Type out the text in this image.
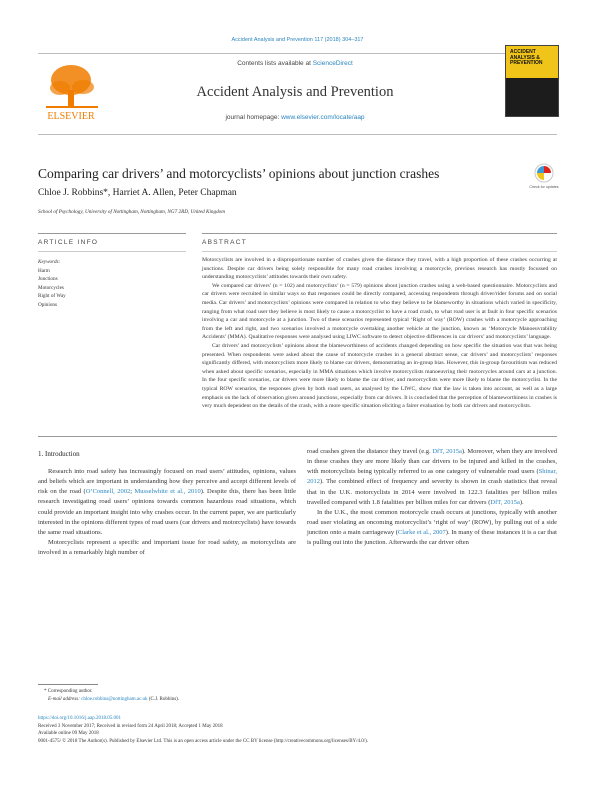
Accident Analysis and Prevention 117 (2018) 304–317
ELSEVIER
Contents lists available at ScienceDirect
Accident Analysis and Prevention
journal homepage: www.elsevier.com/locate/aap
ACCIDENT ANALYSIS & PREVENTION
Comparing car drivers’ and motorcyclists’ opinions about junction crashes
Check for updates
Chloe J. Robbins*, Harriet A. Allen, Peter Chapman
School of Psychology, University of Nottingham, Nottingham, NG7 2RD, United Kingdom
ARTICLE INFO	ABSTRACT
Keywords:
Harm
Junctions
Motorcycles
Right of Way
Opinions

Motorcyclists are involved in a disproportionate number of crashes given the distance they travel, with a high proportion of these crashes occurring at junctions. Despite car drivers being solely responsible for many road crashes involving a motorcycle, previous research has mostly focussed on understanding motorcyclists’ attitudes towards their own safety.

We compared car drivers’ (n = 102) and motorcyclists’ (n = 579) opinions about junction crashes using a web-based questionnaire. Motorcyclists and car drivers were recruited in similar ways so that responses could be directly compared, accessing respondents through driver/rider forums and on social media. Car drivers’ and motorcyclists’ opinions were compared in relation to who they believe to be blameworthy in situations which varied in specificity, ranging from what road user they believe is most likely to cause a motorcyclist to have a road crash, to what road user is at fault in four specific scenarios involving a car and motorcycle at a junction. Two of these scenarios represented typical ‘Right of way’ (ROW) crashes with a motorcycle approaching from the left and right, and two scenarios involved a motorcycle overtaking another vehicle at the junction, known as ‘Motorcycle Manoeuvrability Accidents’ (MMA). Qualitative responses were analysed using LIWC software to detect objective differences in car drivers’ and motorcyclists’ language.

Car drivers’ and motorcyclists’ opinions about the blameworthiness of accidents changed depending on how specific the situation was that was being presented. When respondents were asked about the cause of motorcycle crashes in a general abstract sense, car drivers’ and motorcyclists’ responses significantly differed, with motorcyclists more likely to blame car drivers, demonstrating an in-group bias. However, this in-group favouritism was reduced when asked about specific scenarios, especially in MMA situations which involve motorcyclists manoeuvring their motorcycles around cars at a junction. In the four specific scenarios, car drivers were more likely to blame the car driver, and motorcyclists were more likely to blame the motorcyclist. In the typical ROW scenarios, the responses given by both road users, as analysed by the LIWC, show that the law is taken into account, as well as a large emphasis on the lack of observation given around junctions, especially from car drivers. It is concluded that the perception of blameworthiness in crashes is very much dependent on the details of the crash, with a more specific situation eliciting a fairer evaluation by both car drivers and motorcyclists.

1. Introduction

Research into road safety has increasingly focused on road users’ attitudes, opinions, values and beliefs which are important in understanding how they perceive and accept different levels of risk on the road (O’Connell, 2002; Musselwhite et al., 2010). Despite this, there has been little research investigating road users’ opinions towards common hazardous road situations, which could provide an important insight into why crashes occur. In the current paper, we are particularly interested in the opinions different types of road users (car drivers and motorcyclists) have towards the same road situations.

Motorcyclists represent a specific and important issue for road safety, as motorcyclists are involved in a remarkably high number of

road crashes given the distance they travel (e.g. DfT, 2015a). Moreover, when they are involved in these crashes they are more likely than car drivers to be injured and killed in the crashes, with motorcyclists being typically referred to as one category of vulnerable road users (Shinar, 2012). The combined effect of frequency and severity is shown in crash statistics that reveal that in the U.K. motorcyclists in 2014 were involved in 122.3 fatalities per billion miles travelled compared with 1.8 fatalities per billion miles for car drivers (DfT, 2015a).

In the U.K., the most common motorcycle crash occurs at junctions, typically with another road user violating an oncoming motorcyclist’s ‘right of way’ (ROW), by pulling out of a side junction onto a main carriageway (Clarke et al., 2007). In many of these instances it is a car that is pulling out into the junction. Afterwards the car driver often

* Corresponding author.
E-mail address: chloe.robbins@nottingham.ac.uk (C.J. Robbins).
https://doi.org/10.1016/j.aap.2018.05.001
Received 3 November 2017; Received in revised form 24 April 2018; Accepted 1 May 2018
Available online 09 May 2018
0001-4575/ © 2018 The Author(s). Published by Elsevier Ltd. This is an open access article under the CC BY license (http://creativecommons.org/licenses/BY/4.0/).
